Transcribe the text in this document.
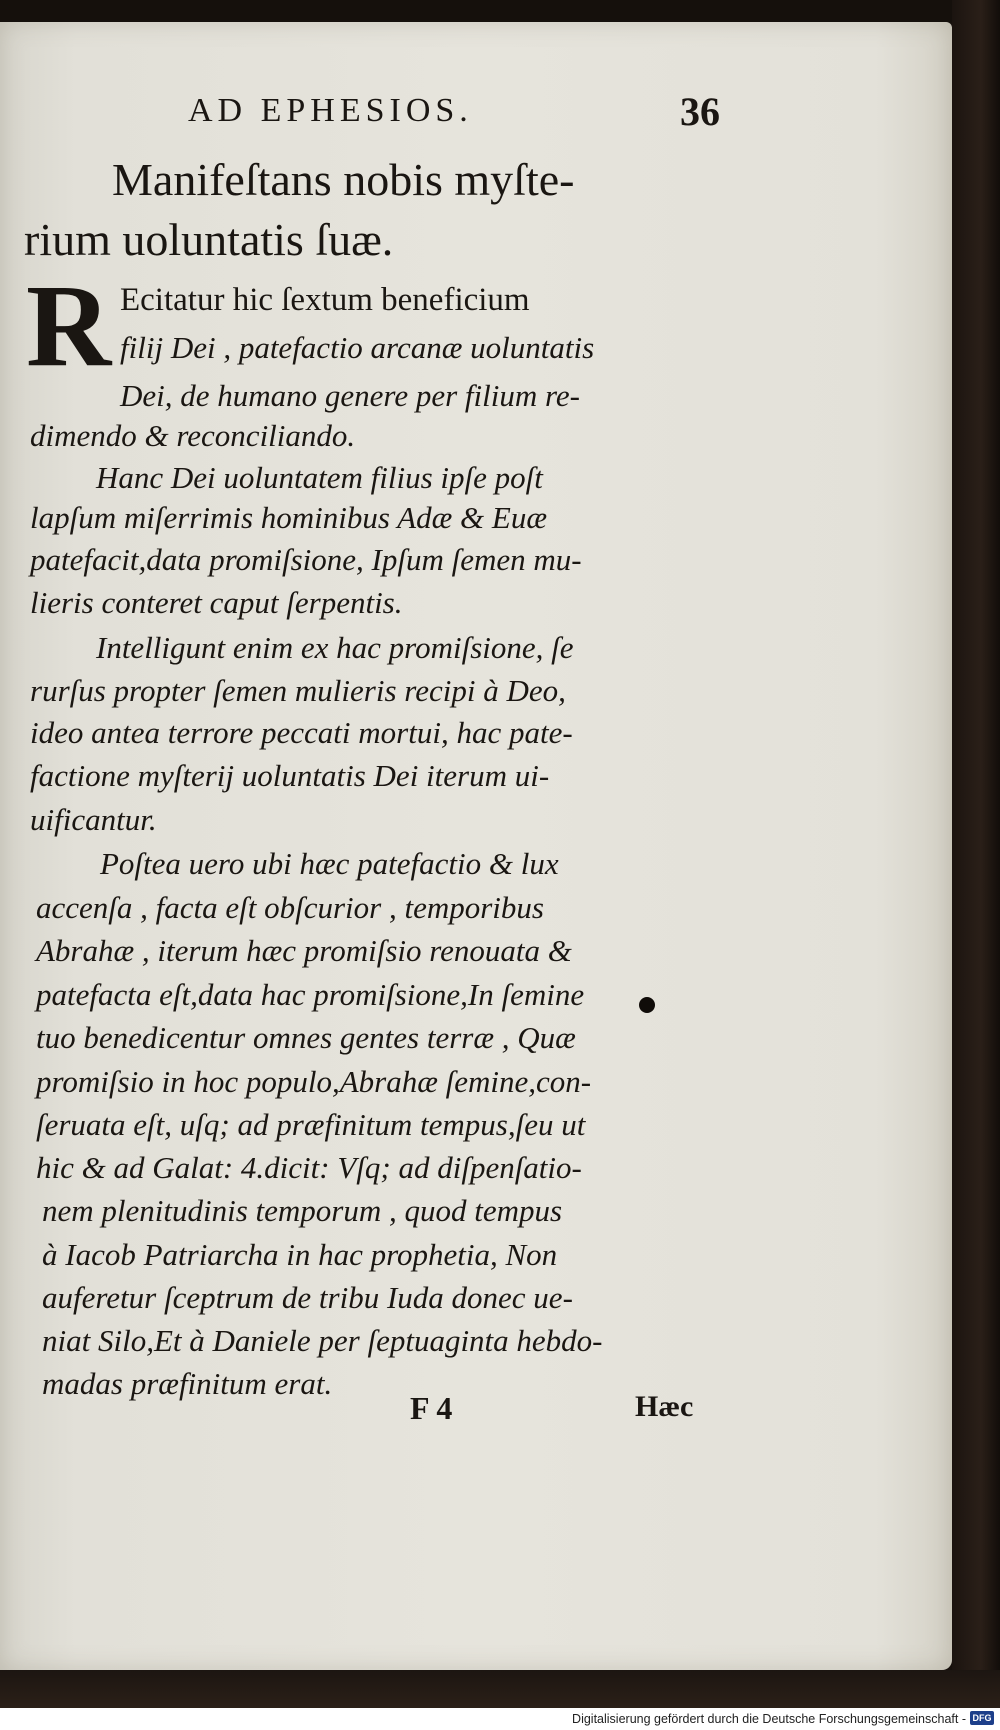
AD EPHESIOS.	36
Manifeſtans nobis myſte-
rium uoluntatis ſuæ.
R Ecitatur hic ſextum beneficium
filij Dei , patefactio arcanæ uoluntatis
Dei, de humano genere per filium re-
dimendo & reconciliando.
Hanc Dei uoluntatem filius ipſe poſt
lapſum miſerrimis hominibus Adæ & Euæ
patefacit,data promiſsione, Ipſum ſemen mu-
lieris conteret caput ſerpentis.
Intelligunt enim ex hac promiſsione, ſe
rurſus propter ſemen mulieris recipi à Deo,
ideo antea terrore peccati mortui, hac pate-
factione myſterij uoluntatis Dei iterum ui-
uificantur.
Poſtea uero ubi hæc patefactio & lux
accenſa , facta eſt obſcurior , temporibus
Abrahæ , iterum hæc promiſsio renouata &
patefacta eſt,data hac promiſsione,In ſemine
tuo benedicentur omnes gentes terræ , Quæ
promiſsio in hoc populo,Abrahæ ſemine,con-
ſeruata eſt, uſq; ad præfinitum tempus,ſeu ut
hic & ad Galat: 4.dicit: Vſq; ad diſpenſatio-
nem plenitudinis temporum , quod tempus
à Iacob Patriarcha in hac prophetia, Non
auferetur ſceptrum de tribu Iuda donec ue-
niat Silo,Et à Daniele per ſeptuaginta hebdo-
madas præfinitum erat.
F 4	Hæc
Digitalisierung gefördert durch die Deutsche Forschungsgemeinschaft - DFG
